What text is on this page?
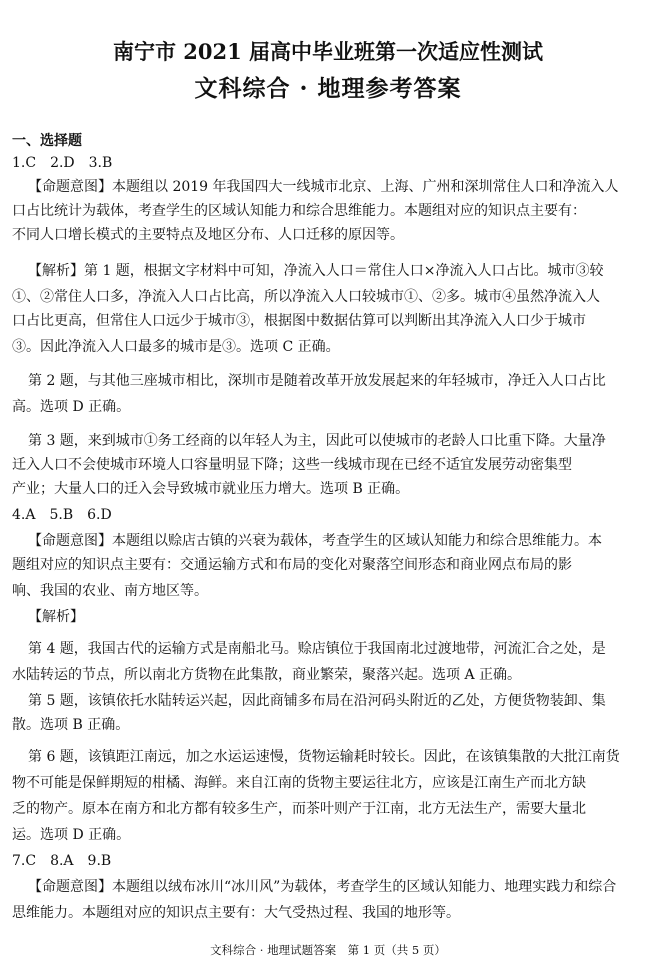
南宁市 2021 届高中毕业班第一次适应性测试
文科综合 · 地理参考答案
一、选择题
1.C　2.D　3.B
【命题意图】本题组以 2019 年我国四大一线城市北京、上海、广州和深圳常住人口和净流入人
口占比统计为载体，考查学生的区域认知能力和综合思维能力。本题组对应的知识点主要有：
不同人口增长模式的主要特点及地区分布、人口迁移的原因等。
【解析】第 1 题，根据文字材料中可知，净流入人口＝常住人口×净流入人口占比。城市③较
①、②常住人口多，净流入人口占比高，所以净流入人口较城市①、②多。城市④虽然净流入人
口占比更高，但常住人口远少于城市③，根据图中数据估算可以判断出其净流入人口少于城市
③。因此净流入人口最多的城市是③。选项 C 正确。
第 2 题，与其他三座城市相比，深圳市是随着改革开放发展起来的年轻城市，净迁入人口占比
高。选项 D 正确。
第 3 题，来到城市①务工经商的以年轻人为主，因此可以使城市的老龄人口比重下降。大量净
迁入人口不会使城市环境人口容量明显下降；这些一线城市现在已经不适宜发展劳动密集型
产业；大量人口的迁入会导致城市就业压力增大。选项 B 正确。
4.A　5.B　6.D
【命题意图】本题组以赊店古镇的兴衰为载体，考查学生的区域认知能力和综合思维能力。本
题组对应的知识点主要有：交通运输方式和布局的变化对聚落空间形态和商业网点布局的影
响、我国的农业、南方地区等。
【解析】
第 4 题，我国古代的运输方式是南船北马。赊店镇位于我国南北过渡地带，河流汇合之处，是
水陆转运的节点，所以南北方货物在此集散，商业繁荣，聚落兴起。选项 A 正确。
第 5 题，该镇依托水陆转运兴起，因此商铺多布局在沿河码头附近的乙处，方便货物装卸、集
散。选项 B 正确。
第 6 题，该镇距江南远，加之水运运速慢，货物运输耗时较长。因此，在该镇集散的大批江南货
物不可能是保鲜期短的柑橘、海鲜。来自江南的货物主要运往北方，应该是江南生产而北方缺
乏的物产。原本在南方和北方都有较多生产，而茶叶则产于江南，北方无法生产，需要大量北
运。选项 D 正确。
7.C　8.A　9.B
【命题意图】本题组以绒布冰川“冰川风”为载体，考查学生的区域认知能力、地理实践力和综合
思维能力。本题组对应的知识点主要有：大气受热过程、我国的地形等。
文科综合 · 地理试题答案　第 1 页（共 5 页）
